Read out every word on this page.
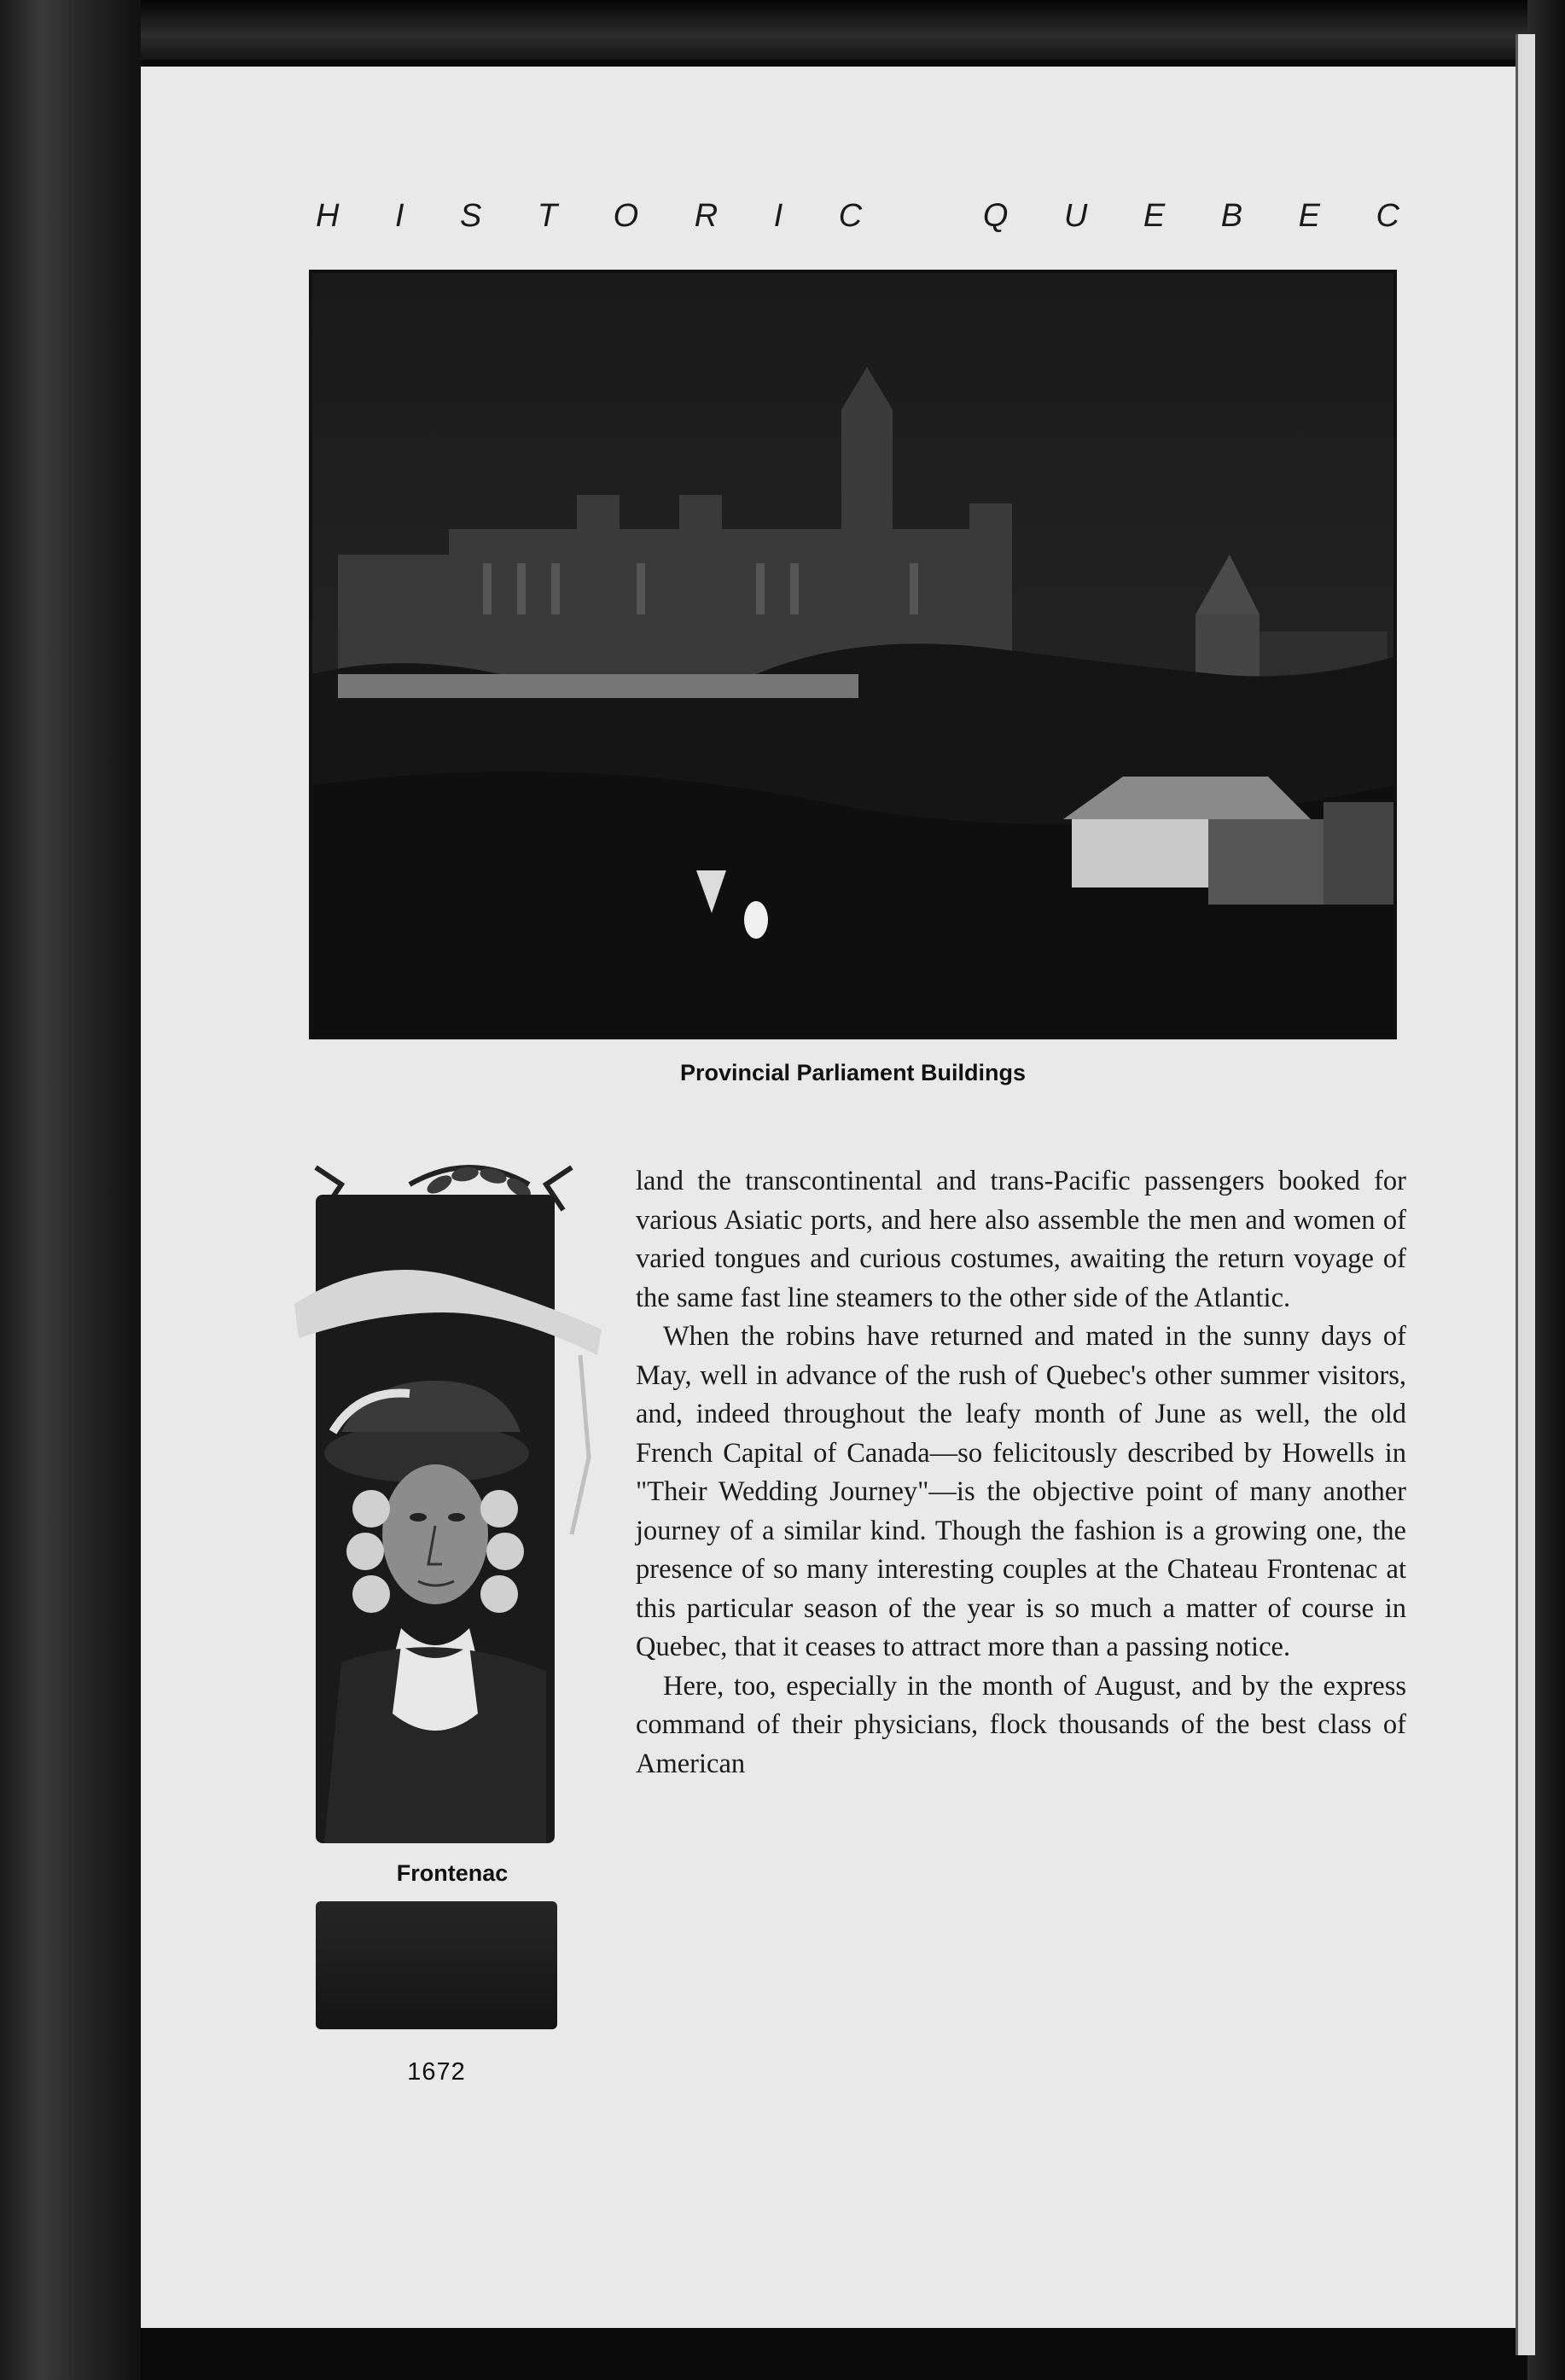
H I S T O R I C
	Q U E B E C
Provincial Parliament Buildings
Frontenac
1672

land the transcontinental and trans-Pacific passengers booked for various Asiatic ports, and here also assemble the men and women of varied tongues and curious costumes, awaiting the return voyage of the same fast line steamers to the other side of the Atlantic.

When the robins have returned and mated in the sunny days of May, well in advance of the rush of Quebec's other summer visitors, and, indeed throughout the leafy month of June as well, the old French Capital of Canada—so felicitously described by Howells in "Their Wedding Journey"—is the objective point of many another journey of a similar kind. Though the fashion is a growing one, the presence of so many interesting couples at the Chateau Frontenac at this particular season of the year is so much a matter of course in Quebec, that it ceases to attract more than a passing notice.

Here, too, especially in the month of August, and by the express command of their physicians, flock thousands of the best class of American
